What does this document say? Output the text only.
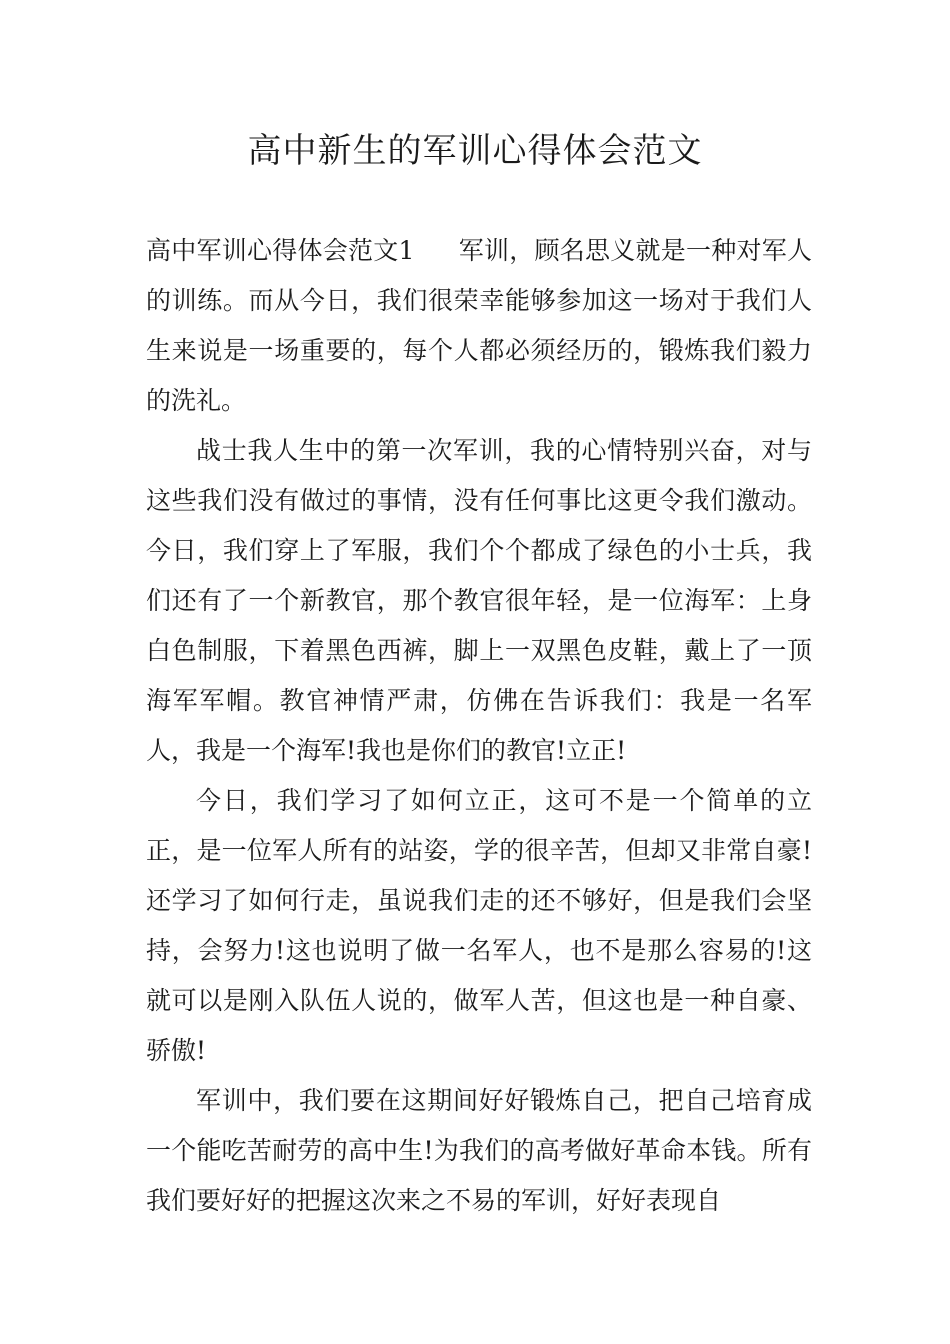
高中新生的军训心得体会范文

高中军训心得体会范文1 军训，顾名思义就是一种对军人的训练。而从今日，我们很荣幸能够参加这一场对于我们人生来说是一场重要的，每个人都必须经历的，锻炼我们毅力的洗礼。

战士我人生中的第一次军训，我的心情特别兴奋，对与这些我们没有做过的事情，没有任何事比这更令我们激动。今日，我们穿上了军服，我们个个都成了绿色的小士兵，我们还有了一个新教官，那个教官很年轻，是一位海军：上身白色制服，下着黑色西裤，脚上一双黑色皮鞋，戴上了一顶海军军帽。教官神情严肃，仿佛在告诉我们：我是一名军人，我是一个海军!我也是你们的教官!立正!

今日，我们学习了如何立正，这可不是一个简单的立正，是一位军人所有的站姿，学的很辛苦，但却又非常自豪!还学习了如何行走，虽说我们走的还不够好，但是我们会坚持，会努力!这也说明了做一名军人，也不是那么容易的!这就可以是刚入队伍人说的，做军人苦，但这也是一种自豪、骄傲!

军训中，我们要在这期间好好锻炼自己，把自己培育成一个能吃苦耐劳的高中生!为我们的高考做好革命本钱。所有我们要好好的把握这次来之不易的军训，好好表现自
